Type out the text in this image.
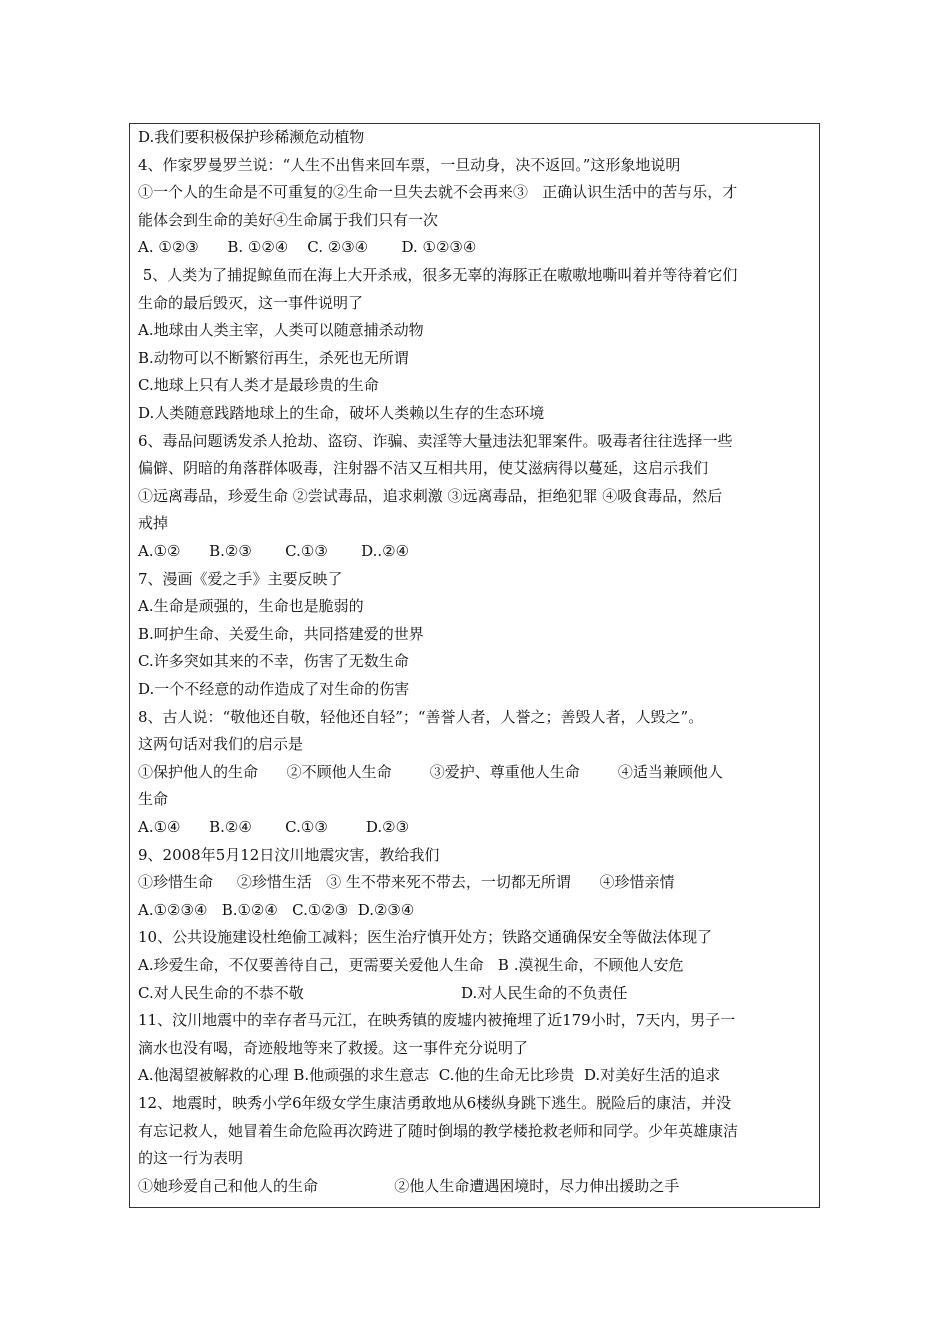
D.我们要积极保护珍稀濒危动植物
4、作家罗曼罗兰说：“人生不出售来回车票，一旦动身，决不返回。”这形象地说明
①一个人的生命是不可重复的②生命一旦失去就不会再来③   正确认识生活中的苦与乐，才
能体会到生命的美好④生命属于我们只有一次
A. ①②③      B. ①②④    C. ②③④       D. ①②③④
5、人类为了捕捉鲸鱼而在海上大开杀戒，很多无辜的海豚正在嗷嗷地嘶叫着并等待着它们
生命的最后毁灭，这一事件说明了
A.地球由人类主宰，人类可以随意捕杀动物
B.动物可以不断繁衍再生，杀死也无所谓
C.地球上只有人类才是最珍贵的生命
D.人类随意践踏地球上的生命，破坏人类赖以生存的生态环境
6、毒品问题诱发杀人抢劫、盗窃、诈骗、卖淫等大量违法犯罪案件。吸毒者往往选择一些
偏僻、阴暗的角落群体吸毒，注射器不洁又互相共用，使艾滋病得以蔓延，这启示我们
①远离毒品，珍爱生命 ②尝试毒品，追求刺激 ③远离毒品，拒绝犯罪 ④吸食毒品，然后
戒掉
A.①②      B.②③       C.①③       D..②④
7、漫画《爱之手》主要反映了
A.生命是顽强的，生命也是脆弱的
B.呵护生命、关爱生命，共同搭建爱的世界
C.许多突如其来的不幸，伤害了无数生命
D.一个不经意的动作造成了对生命的伤害
8、古人说：“敬他还自敬，轻他还自轻”；“善誉人者，人誉之；善毁人者，人毁之”。
这两句话对我们的启示是
①保护他人的生命      ②不顾他人生命        ③爱护、尊重他人生命        ④适当兼顾他人
生命
A.①④      B.②④       C.①③        D.②③
9、2008年5月12日汶川地震灾害，教给我们
①珍惜生命     ②珍惜生活   ③ 生不带来死不带去，一切都无所谓      ④珍惜亲情
A.①②③④   B.①②④   C.①②③  D.②③④
10、公共设施建设杜绝偷工减料；医生治疗慎开处方；铁路交通确保安全等做法体现了
A.珍爱生命，不仅要善待自己，更需要关爱他人生命   B .漠视生命，不顾他人安危
C.对人民生命的不恭不敬                                 D.对人民生命的不负责任
11、汶川地震中的幸存者马元江，在映秀镇的废墟内被掩埋了近179小时，7天内，男子一
滴水也没有喝，奇迹般地等来了救援。这一事件充分说明了
A.他渴望被解救的心理 B.他顽强的求生意志  C.他的生命无比珍贵  D.对美好生活的追求
12、地震时，映秀小学6年级女学生康洁勇敢地从6楼纵身跳下逃生。脱险后的康洁，并没
有忘记救人，她冒着生命危险再次跨进了随时倒塌的教学楼抢救老师和同学。少年英雄康洁
的这一行为表明
①她珍爱自己和他人的生命                ②他人生命遭遇困境时，尽力伸出援助之手
